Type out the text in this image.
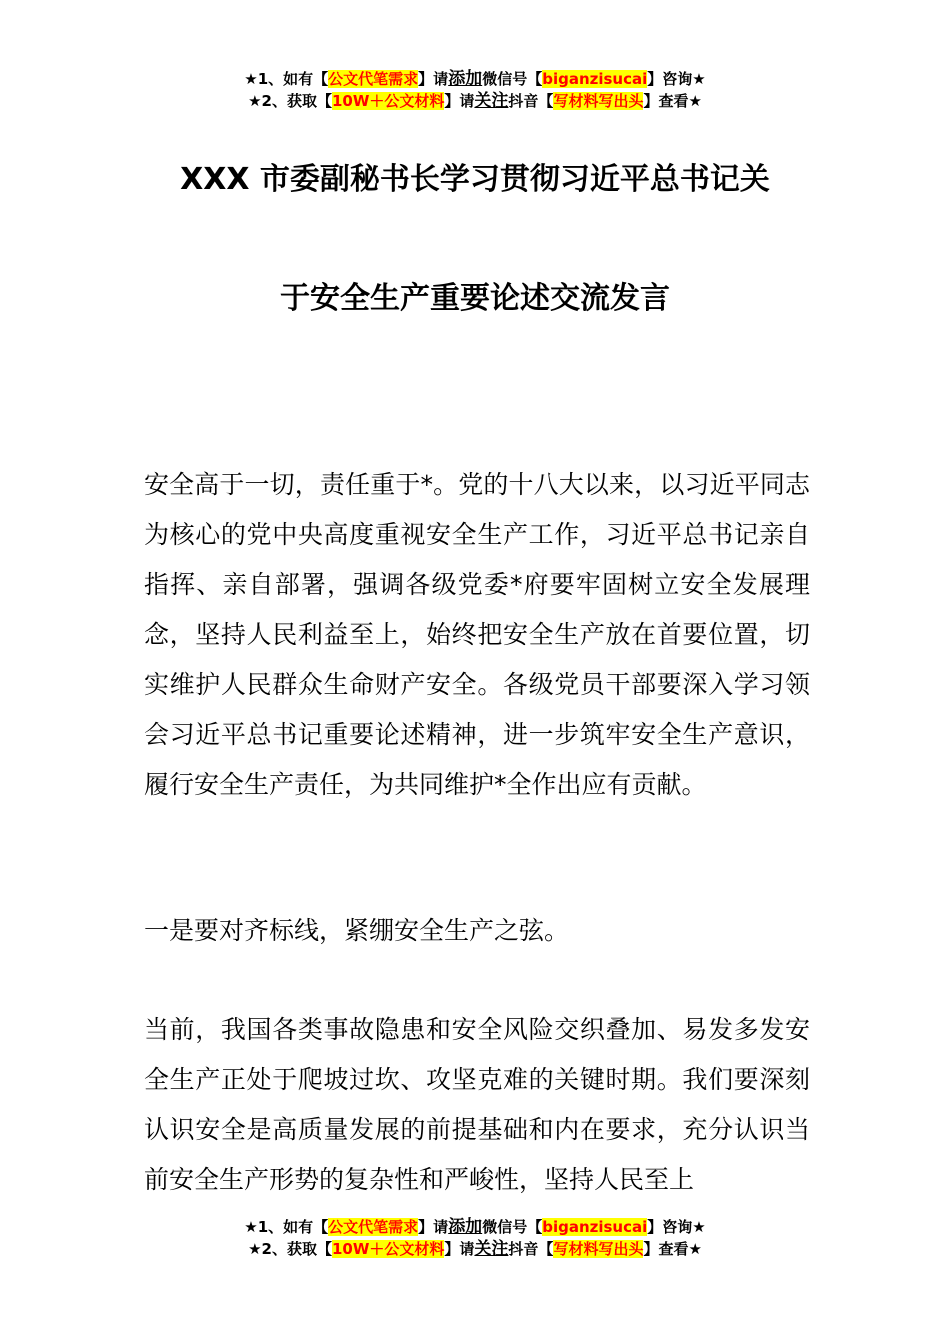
★1、如有【公文代笔需求】请添加微信号【biganzisucai】咨询★
★2、获取【10W＋公文材料】请关注抖音【写材料写出头】查看★
XXX 市委副秘书长学习贯彻习近平总书记关
于安全生产重要论述交流发言

安全高于一切，责任重于*。党的十八大以来，以习近平同志为核心的党中央高度重视安全生产工作，习近平总书记亲自指挥、亲自部署，强调各级党委*府要牢固树立安全发展理念，坚持人民利益至上，始终把安全生产放在首要位置，切实维护人民群众生命财产安全。各级党员干部要深入学习领会习近平总书记重要论述精神，进一步筑牢安全生产意识，履行安全生产责任，为共同维护*全作出应有贡献。

一是要对齐标线，紧绷安全生产之弦。

当前，我国各类事故隐患和安全风险交织叠加、易发多发安全生产正处于爬坡过坎、攻坚克难的关键时期。我们要深刻认识安全是高质量发展的前提基础和内在要求，充分认识当前安全生产形势的复杂性和严峻性，坚持人民至上

★1、如有【公文代笔需求】请添加微信号【biganzisucai】咨询★
★2、获取【10W＋公文材料】请关注抖音【写材料写出头】查看★
